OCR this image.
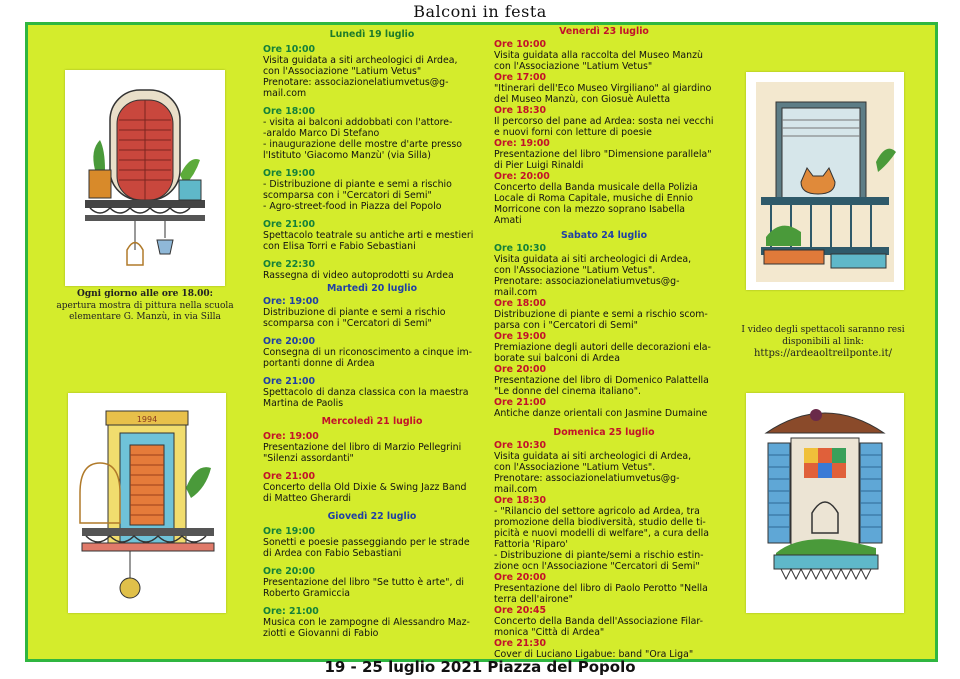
Balconi in festa
1994
Ogni giorno alle ore 18.00:
apertura mostra di pittura nella scuola
elementare G. Manzù, in via Silla
I video degli spettacoli saranno resi
disponibili al link:
https://ardeaoltreilponte.it/
Lunedì 19 luglio
Ore 10:00
Visita guidata a siti archeologici di Ardea,
con l'Associazione "Latium Vetus"
Prenotare: associazionelatiumvetus@g-
mail.com
Ore 18:00
- visita ai balconi addobbati con l'attore-
-araldo Marco Di Stefano
- inaugurazione delle mostre d'arte presso
l'Istituto 'Giacomo Manzù' (via Silla)
Ore 19:00
- Distribuzione di piante e semi a rischio
scomparsa con i "Cercatori di Semi"
- Agro-street-food in Piazza del Popolo
Ore 21:00
Spettacolo teatrale su antiche arti e mestieri
con Elisa Torri e Fabio Sebastiani
Ore 22:30
Rassegna di video autoprodotti su Ardea
Martedì 20 luglio
Ore: 19:00
Distribuzione di piante e semi a rischio
scomparsa con i "Cercatori di Semi"
Ore 20:00
Consegna di un riconoscimento a cinque im-
portanti donne di Ardea
Ore 21:00
Spettacolo di danza classica con la maestra
Martina de Paolis
Mercoledì 21 luglio
Ore: 19:00
Presentazione del libro di Marzio Pellegrini
"Silenzi assordanti"
Ore 21:00
Concerto della Old Dixie & Swing Jazz Band
di Matteo Gherardi
Giovedì 22 luglio
Ore 19:00
Sonetti e poesie passeggiando per le strade
di Ardea con Fabio Sebastiani
Ore 20:00
Presentazione del libro "Se tutto è arte", di
Roberto Gramiccia
Ore: 21:00
Musica con le zampogne di Alessandro Maz-
ziotti e Giovanni di Fabio
Venerdì 23 luglio
Ore 10:00
Visita guidata alla raccolta del Museo Manzù
con l'Associazione "Latium Vetus"
Ore 17:00
"Itinerari dell'Eco Museo Virgiliano" al giardino
del Museo Manzù, con Giosuè Auletta
Ore 18:30
Il percorso del pane ad Ardea: sosta nei vecchi
e nuovi forni con letture di poesie
Ore: 19:00
Presentazione del libro "Dimensione parallela"
di Pier Luigi Rinaldi
Ore: 20:00
Concerto della Banda musicale della Polizia
Locale di Roma Capitale, musiche di Ennio
Morricone con la mezzo soprano Isabella
Amati
Sabato 24 luglio
Ore 10:30
Visita guidata ai siti archeologici di Ardea,
con l'Associazione "Latium Vetus".
Prenotare: associazionelatiumvetus@g-
mail.com
Ore 18:00
Distribuzione di piante e semi a rischio scom-
parsa con i "Cercatori di Semi"
Ore 19:00
Premiazione degli autori delle decorazioni ela-
borate sui balconi di Ardea
Ore 20:00
Presentazione del libro di Domenico Palattella
"Le donne del cinema italiano".
Ore 21:00
Antiche danze orientali con Jasmine Dumaine
Domenica 25 luglio
Ore 10:30
Visita guidata ai siti archeologici di Ardea,
con l'Associazione "Latium Vetus".
Prenotare: associazionelatiumvetus@g-
mail.com
Ore 18:30
- "Rilancio del settore agricolo ad Ardea, tra
promozione della biodiversità, studio delle ti-
picità e nuovi modelli di welfare", a cura della
Fattoria 'Riparo'
- Distribuzione di piante/semi a rischio estin-
zione ocn l'Associazione "Cercatori di Semi"
Ore 20:00
Presentazione del libro di Paolo Perotto "Nella
terra dell'airone"
Ore 20:45
Concerto della Banda dell'Associazione Filar-
monica "Città di Ardea"
Ore 21:30
Cover di Luciano Ligabue: band "Ora Liga"
19 - 25 luglio 2021 Piazza del Popolo
